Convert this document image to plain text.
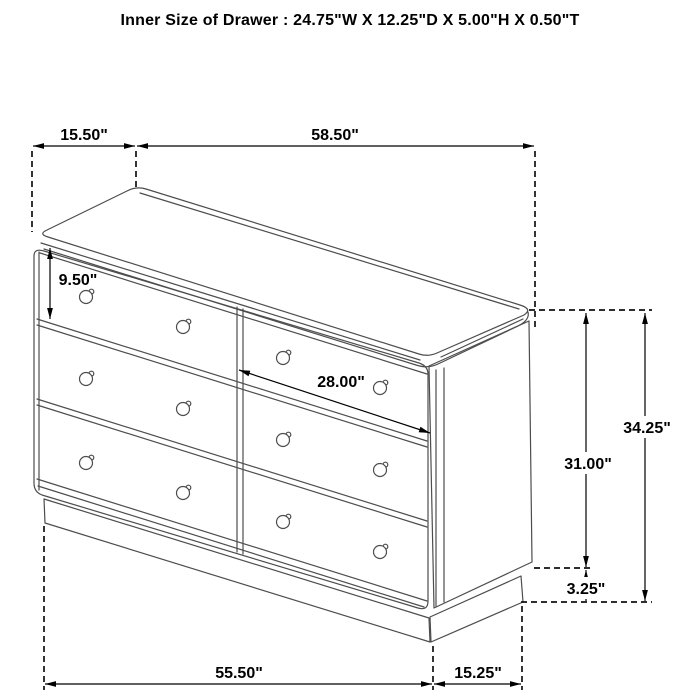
Inner Size of Drawer : 24.75"W X 12.25"D X 5.00"H X 0.50"T
15.50"	58.50"
9.50"
28.00"
31.00"
34.25"
3.25"
55.50"	15.25"
